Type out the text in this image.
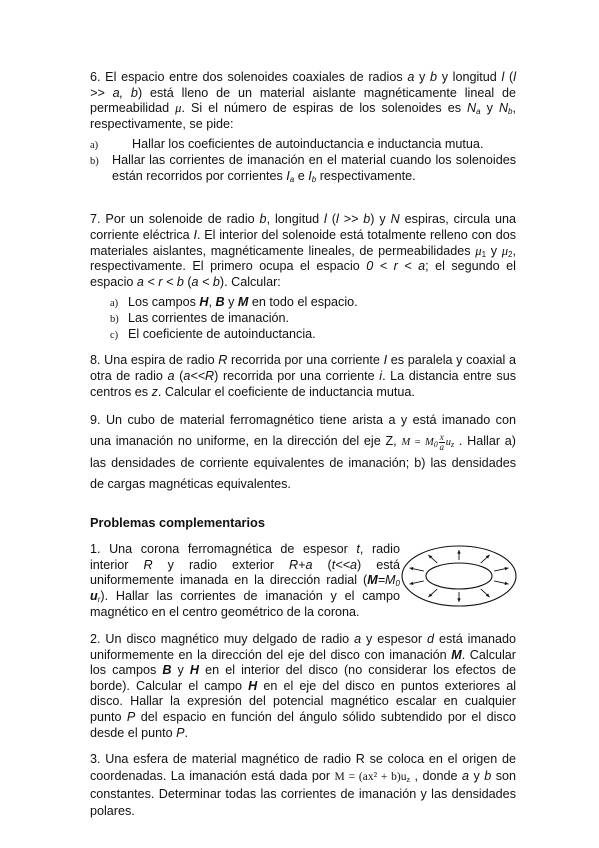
6. El espacio entre dos solenoides coaxiales de radios a y b y longitud l (l >> a, b) está lleno de un material aislante magnéticamente lineal de permeabilidad μ. Si el número de espiras de los solenoides es $N_a$ y $N_b$, respectivamente, se pide:

a)	Hallar los coeficientes de autoinductancia e inductancia mutua.
b) Hallar las corrientes de imanación en el material cuando los solenoides están recorridos por corrientes $I_a$ e $I_b$ respectivamente.

7. Por un solenoide de radio b, longitud l (l >> b) y N espiras, circula una corriente eléctrica I. El interior del solenoide está totalmente relleno con dos materiales aislantes, magnéticamente lineales, de permeabilidades $\mu_1$ y $\mu_2$, respectivamente. El primero ocupa el espacio 0 < r < a; el segundo el espacio a < r < b (a < b). Calcular:

a) Los campos H, B y M en todo el espacio.
b) Las corrientes de imanación.
c) El coeficiente de autoinductancia.

8. Una espira de radio R recorrida por una corriente I es paralela y coaxial a otra de radio a (a<<R) recorrida por una corriente i. La distancia entre sus centros es z. Calcular el coeficiente de inductancia mutua.

9. Un cubo de material ferromagnético tiene arista a y está imanado con una imanación no uniforme, en la dirección del eje Z, $M = M_0 \frac{x}{a} u_z$ . Hallar a) las densidades de corriente equivalentes de imanación; b) las densidades de cargas magnéticas equivalentes.

Problemas complementarios

1. Una corona ferromagnética de espesor t, radio interior R y radio exterior R+a (t<<a) está uniformemente imanada en la dirección radial ($M=M_0$ $u_r$). Hallar las corrientes de imanación y el campo magnético en el centro geométrico de la corona.

2. Un disco magnético muy delgado de radio a y espesor d está imanado uniformemente en la dirección del eje del disco con imanación M. Calcular los campos B y H en el interior del disco (no considerar los efectos de borde). Calcular el campo H en el eje del disco en puntos exteriores al disco. Hallar la expresión del potencial magnético escalar en cualquier punto P del espacio en función del ángulo sólido subtendido por el disco desde el punto P.

3. Una esfera de material magnético de radio R se coloca en el origen de coordenadas. La imanación está dada por $M = (ax^2 + b)u_z$ , donde a y b son constantes. Determinar todas las corrientes de imanación y las densidades polares.
